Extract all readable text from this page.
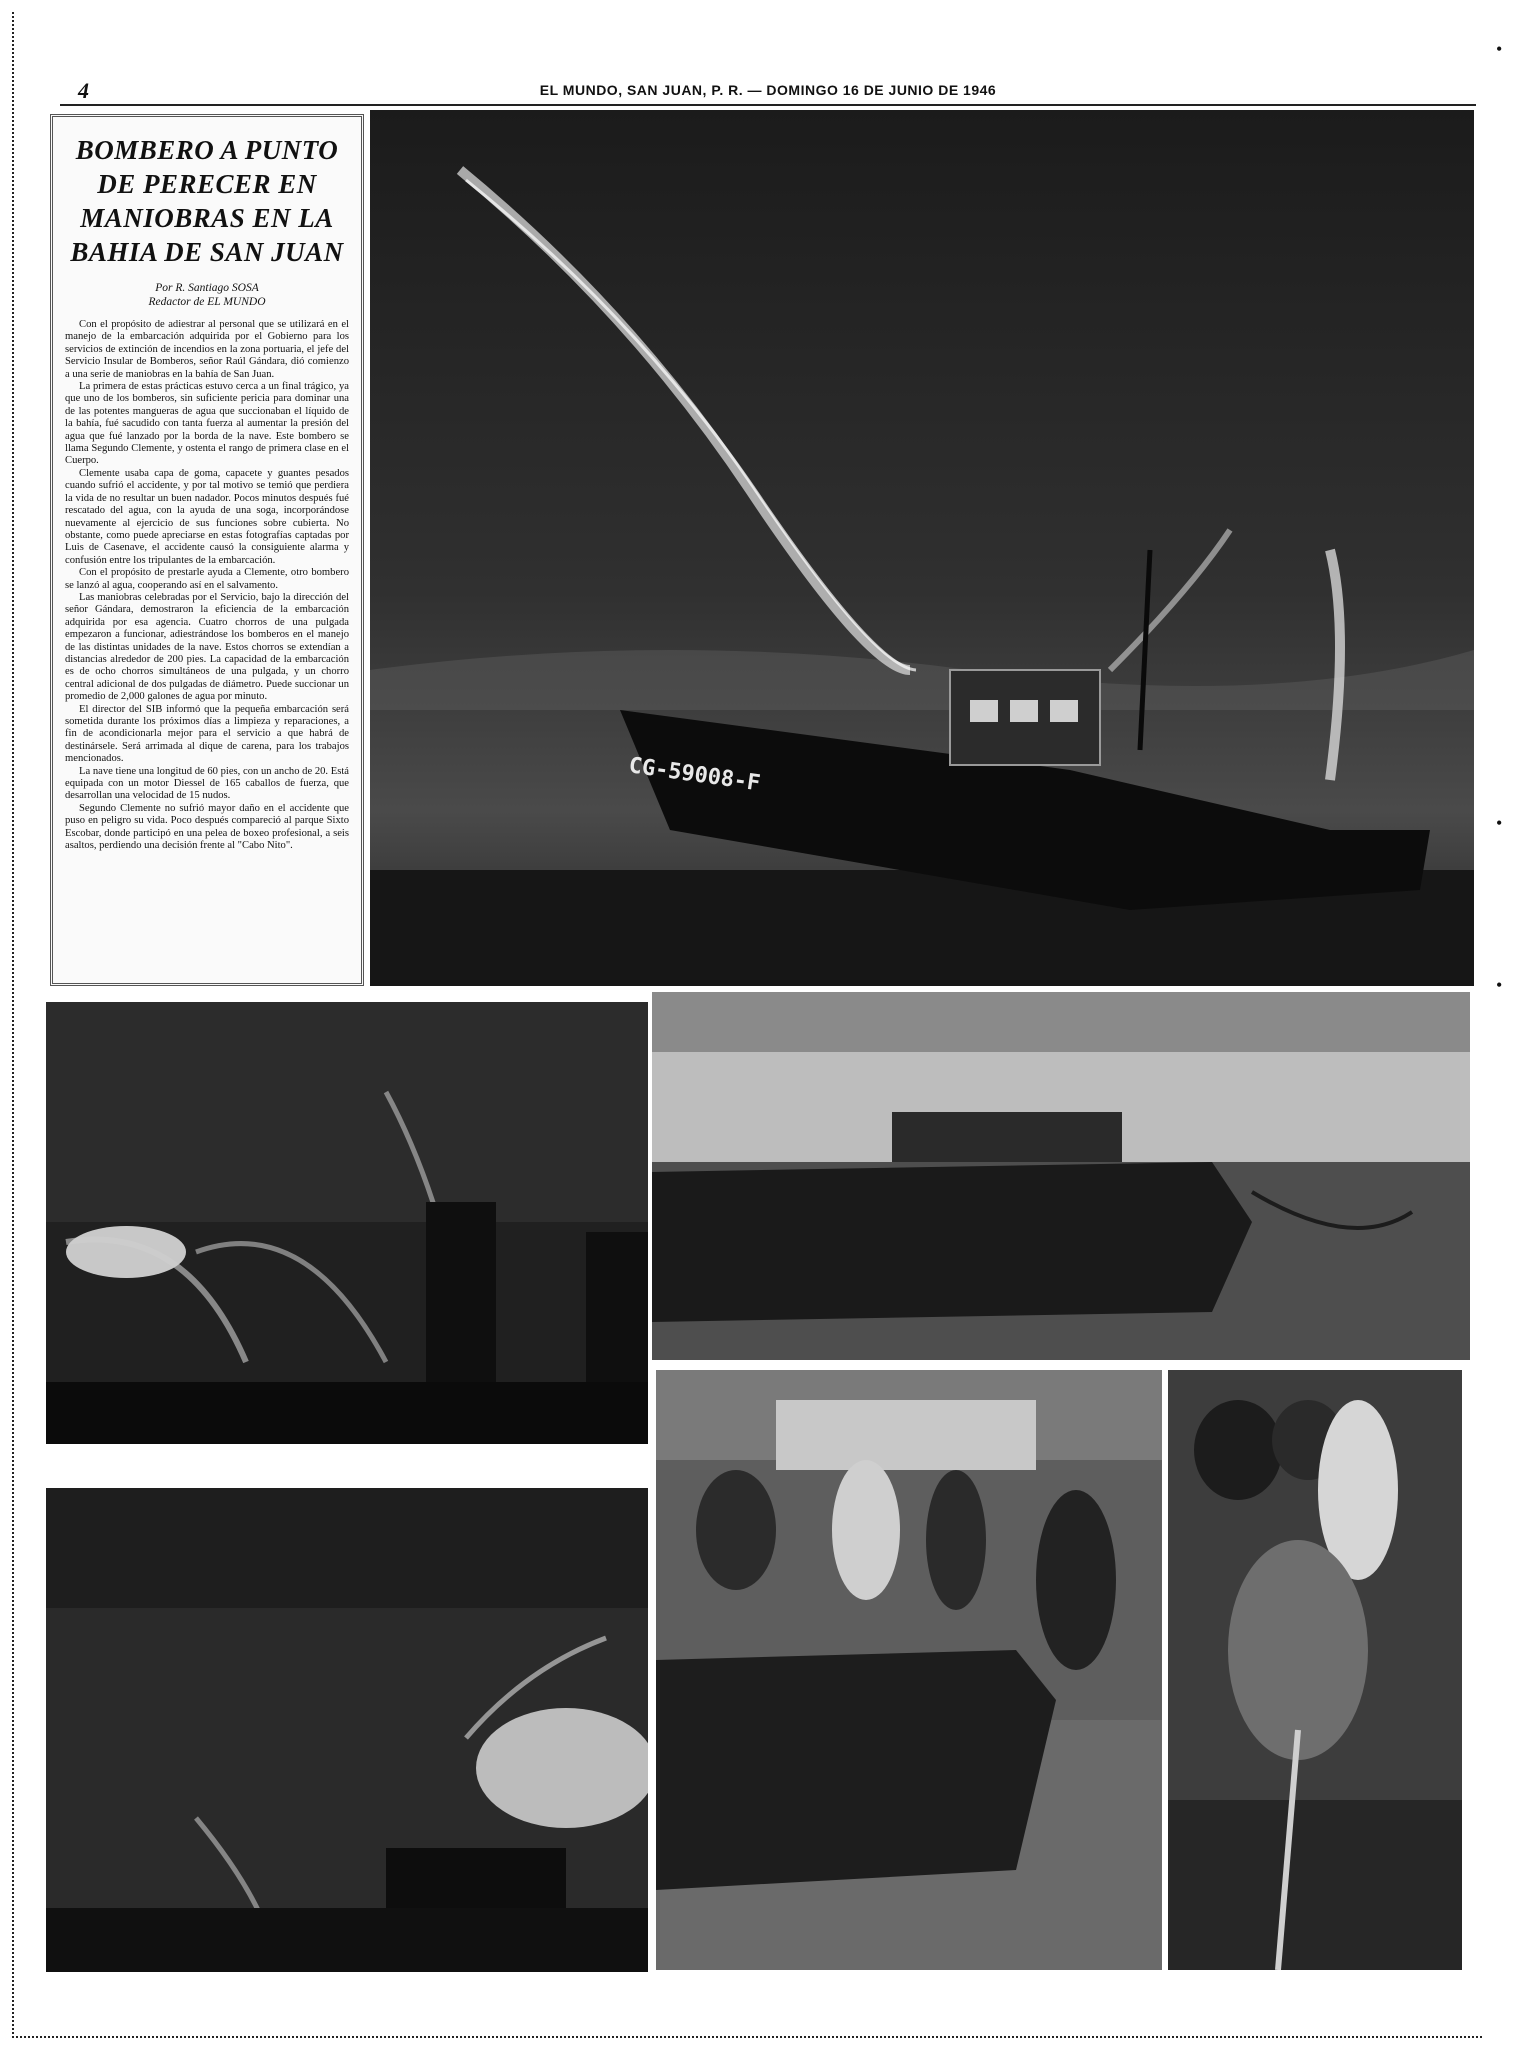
4	EL MUNDO, SAN JUAN, P. R. — DOMINGO 16 DE JUNIO DE 1946
BOMBERO A PUNTO
DE PERECER EN
MANIOBRAS EN LA
BAHIA DE SAN JUAN
Por R. Santiago SOSA
Redactor de EL MUNDO

Con el propósito de adiestrar al personal que se utilizará en el manejo de la embarcación adquirida por el Gobierno para los servicios de extinción de incendios en la zona portuaria, el jefe del Servicio Insular de Bomberos, señor Raúl Gándara, dió comienzo a una serie de maniobras en la bahía de San Juan.

La primera de estas prácticas estuvo cerca a un final trágico, ya que uno de los bomberos, sin suficiente pericia para dominar una de las potentes mangueras de agua que succionaban el líquido de la bahía, fué sacudido con tanta fuerza al aumentar la presión del agua que fué lanzado por la borda de la nave. Este bombero se llama Segundo Clemente, y ostenta el rango de primera clase en el Cuerpo.

Clemente usaba capa de goma, capacete y guantes pesados cuando sufrió el accidente, y por tal motivo se temió que perdiera la vida de no resultar un buen nadador. Pocos minutos después fué rescatado del agua, con la ayuda de una soga, incorporándose nuevamente al ejercicio de sus funciones sobre cubierta. No obstante, como puede apreciarse en estas fotografías captadas por Luis de Casenave, el accidente causó la consiguiente alarma y confusión entre los tripulantes de la embarcación.

Con el propósito de prestarle ayuda a Clemente, otro bombero se lanzó al agua, cooperando así en el salvamento.

Las maniobras celebradas por el Servicio, bajo la dirección del señor Gándara, demostraron la eficiencia de la embarcación adquirida por esa agencia. Cuatro chorros de una pulgada empezaron a funcionar, adiestrándose los bomberos en el manejo de las distintas unidades de la nave. Estos chorros se extendían a distancias alrededor de 200 pies. La capacidad de la embarcación es de ocho chorros simultáneos de una pulgada, y un chorro central adicional de dos pulgadas de diámetro. Puede succionar un promedio de 2,000 galones de agua por minuto.

El director del SIB informó que la pequeña embarcación será sometida durante los próximos días a limpieza y reparaciones, a fin de acondicionarla mejor para el servicio a que habrá de destinársele. Será arrimada al dique de carena, para los trabajos mencionados.

La nave tiene una longitud de 60 pies, con un ancho de 20. Está equipada con un motor Diessel de 165 caballos de fuerza, que desarrollan una velocidad de 15 nudos.

Segundo Clemente no sufrió mayor daño en el accidente que puso en peligro su vida. Poco después compareció al parque Sixto Escobar, donde participó en una pelea de boxeo profesional, a seis asaltos, perdiendo una decisión frente al "Cabo Nito".

CG-59008-F
•

•

•
